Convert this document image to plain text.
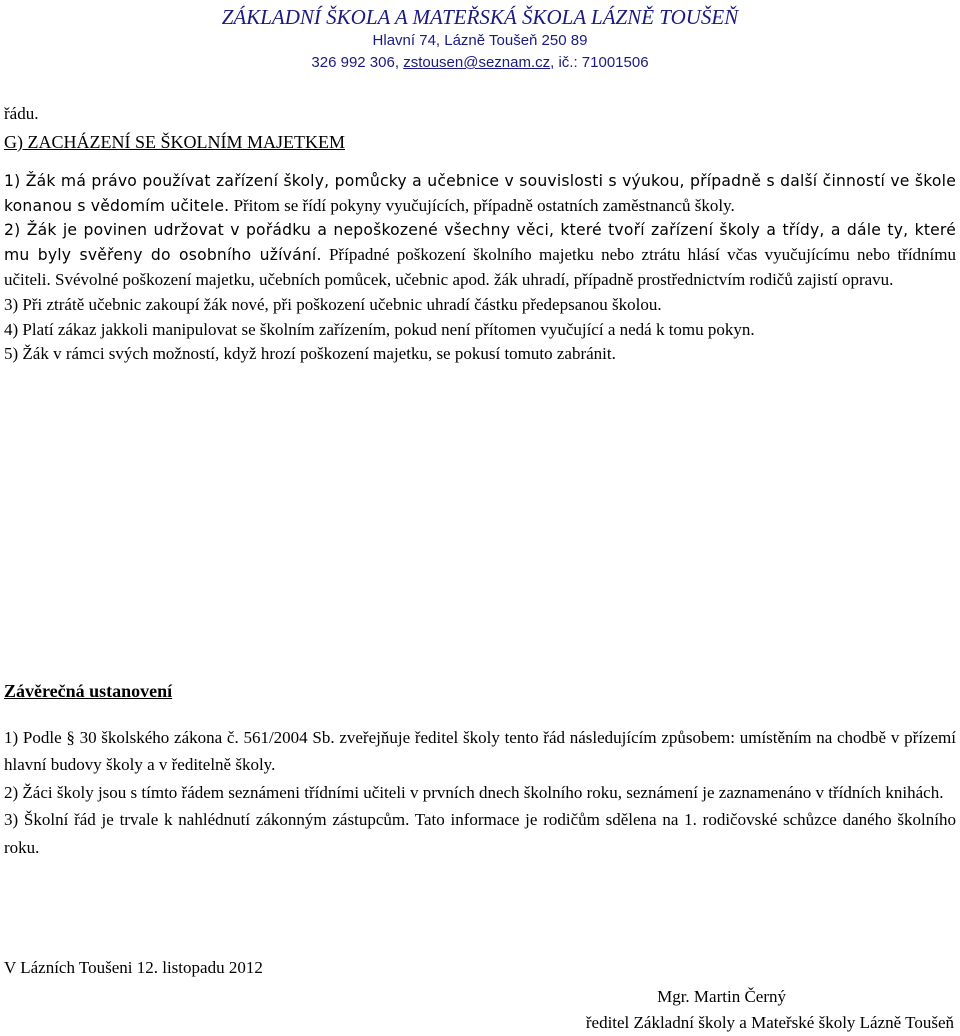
ZÁKLADNÍ ŠKOLA A MATEŘSKÁ ŠKOLA LÁZNĚ TOUŠEŇ
Hlavní 74, Lázně Toušeň 250 89
326 992 306, zstousen@seznam.cz, ič.: 71001506

řádu.

G) ZACHÁZENÍ SE ŠKOLNÍM MAJETKEM

1) Žák má právo používat zařízení školy, pomůcky a učebnice v souvislosti s výukou, případně s další činností ve škole konanou s vědomím učitele. Přitom se řídí pokyny vyučujících, případně ostatních zaměstnanců školy.

2) Žák je povinen udržovat v pořádku a nepoškozené všechny věci, které tvoří zařízení školy a třídy, a dále ty, které mu byly svěřeny do osobního užívání. Případné poškození školního majetku nebo ztrátu hlásí včas vyučujícímu nebo třídnímu učiteli. Svévolné poškození majetku, učebních pomůcek, učebnic apod. žák uhradí, případně prostřednictvím rodičů zajistí opravu.

3) Při ztrátě učebnic zakoupí žák nové, při poškození učebnic uhradí částku předepsanou školou.

4) Platí zákaz jakkoli manipulovat se školním zařízením, pokud není přítomen vyučující a nedá k tomu pokyn.

5) Žák v rámci svých možností, když hrozí poškození majetku, se pokusí tomuto zabránit.

Závěrečná ustanovení

1) Podle § 30 školského zákona č. 561/2004 Sb. zveřejňuje ředitel školy tento řád následujícím způsobem: umístěním na chodbě v přízemí hlavní budovy školy a v ředitelně školy.

2) Žáci školy jsou s tímto řádem seznámeni třídními učiteli v prvních dnech školního roku, seznámení je zaznamenáno v třídních knihách.

3) Školní řád je trvale k nahlédnutí zákonným zástupcům. Tato informace je rodičům sdělena na 1. rodičovské schůzce daného školního roku.

V Lázních Toušeni 12. listopadu 2012
Mgr. Martin Černý
ředitel Základní školy a Mateřské školy Lázně Toušeň
